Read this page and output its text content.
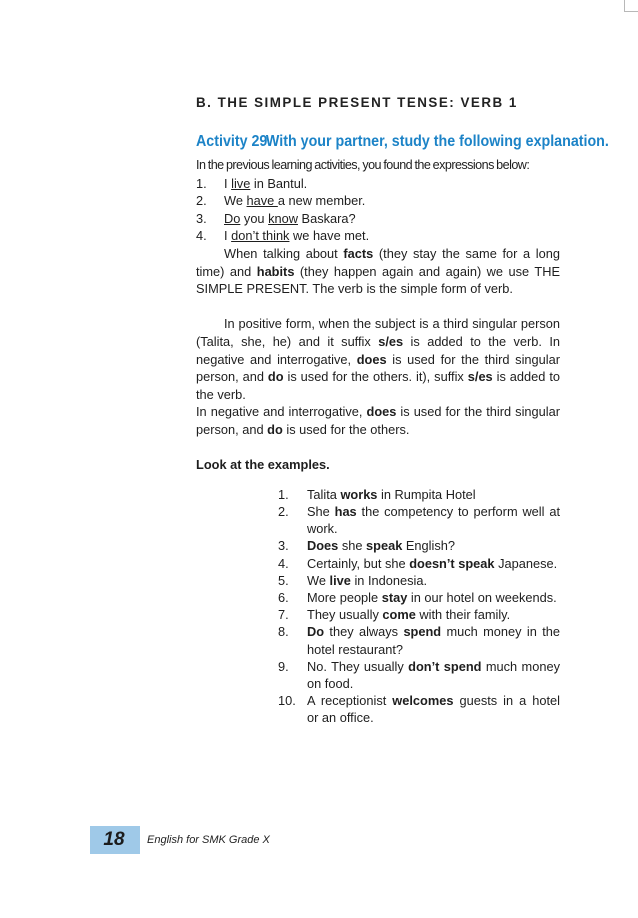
B. THE SIMPLE PRESENT TENSE: VERB 1
Activity 29
With your partner, study the following explanation.

In the previous learning activities, you found the expressions below:

1.	I live in Bantul.
2.	We have a new member.
3.	Do you know Baskara?
4.	I don’t think we have met.

When talking about facts (they stay the same for a long time) and habits (they happen again and again) we use THE SIMPLE PRESENT. The verb is the simple form of verb.

In positive form, when the subject is a third singular person (Talita, she, he) and it suffix s/es is added to the verb. In negative and interrogative, does is used for the third singular person, and do is used for the others. it), suffix s/es is added to the verb.

In negative and interrogative, does is used for the third singular person, and do is used for the others.

Look at the examples.

1.	Talita works in Rumpita Hotel
2.	She has the competency to perform well at work.
3.	Does she speak English?
4.	Certainly, but she doesn’t speak Japanese.
5.	We live in Indonesia.
6.	More people stay in our hotel on weekends.
7.	They usually come with their family.
8.	Do they always spend much money in the hotel restaurant?
9.	No. They usually don’t spend much money on food.
10. A receptionist welcomes guests in a hotel or an office.
18	English for SMK Grade X
